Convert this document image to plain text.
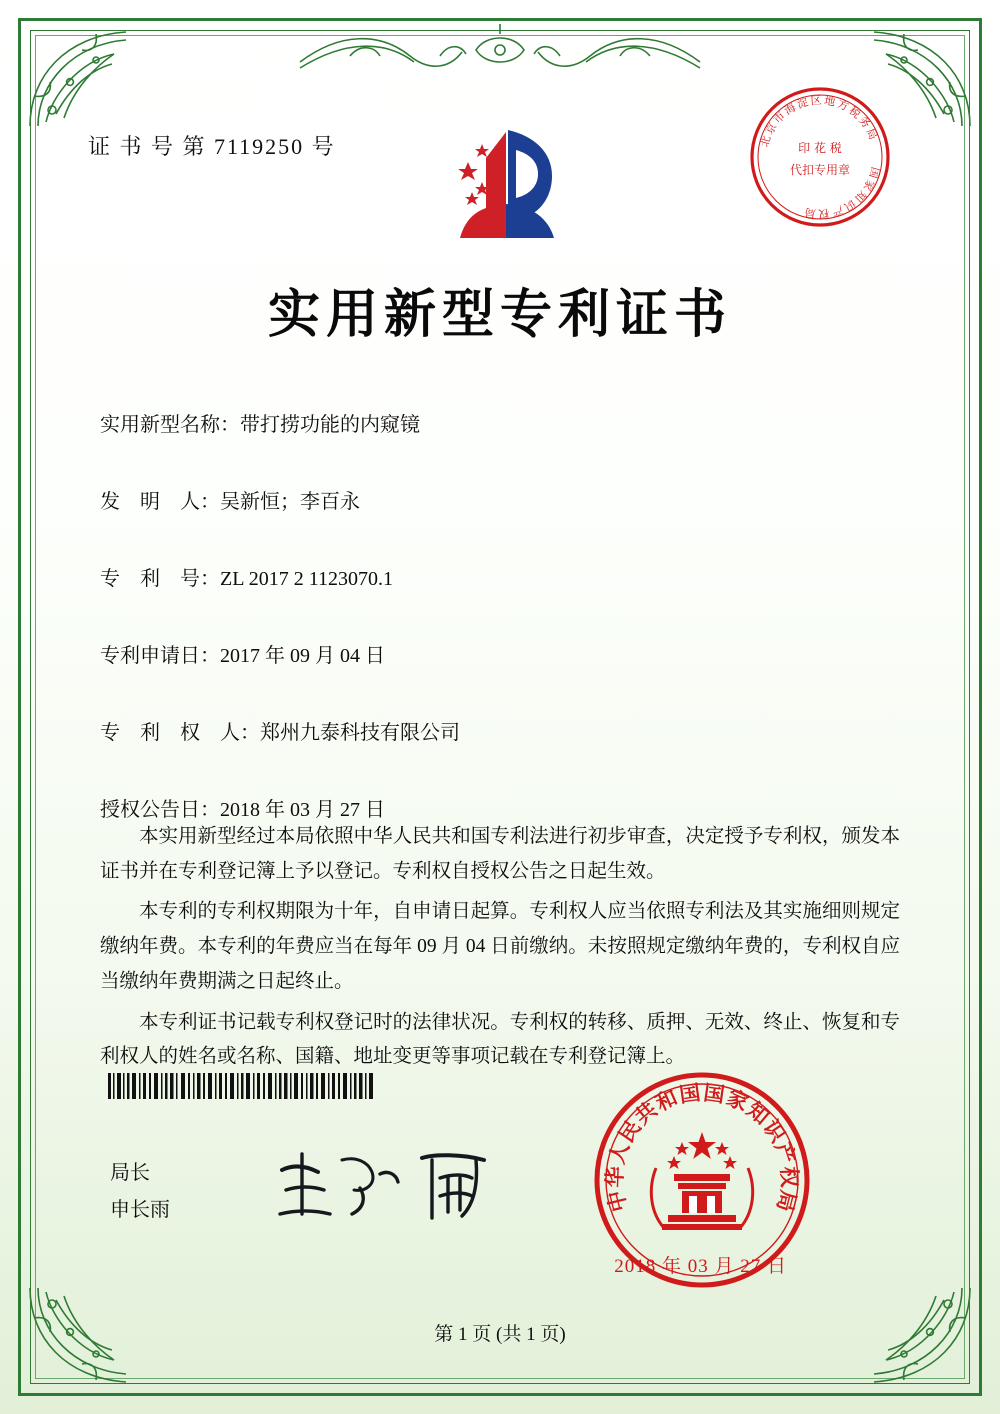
证 书 号 第 7119250 号	北
京
市
海
淀 区 地
方
税
务
局
国
家
知
识
产
权
局
印 花 税
代扣专用章
实用新型专利证书
实用新型名称：带打捞功能的内窥镜
发　明　人：吴新恒；李百永
专　利　号：ZL 2017 2 1123070.1
专利申请日：2017 年 09 月 04 日
专　利　权　人：郑州九泰科技有限公司
授权公告日：2018 年 03 月 27 日

本实用新型经过本局依照中华人民共和国专利法进行初步审查，决定授予专利权，颁发本证书并在专利登记簿上予以登记。专利权自授权公告之日起生效。

本专利的专利权期限为十年，自申请日起算。专利权人应当依照专利法及其实施细则规定缴纳年费。本专利的年费应当在每年 09 月 04 日前缴纳。未按照规定缴纳年费的，专利权自应当缴纳年费期满之日起终止。

本专利证书记载专利权登记时的法律状况。专利权的转移、质押、无效、终止、恢复和专利权人的姓名或名称、国籍、地址变更等事项记载在专利登记簿上。

局长
申长雨	中
华
人
民
共
和
国 国
家
知
识
产
权
局
2018 年 03 月 27 日
第 1 页 (共 1 页)
